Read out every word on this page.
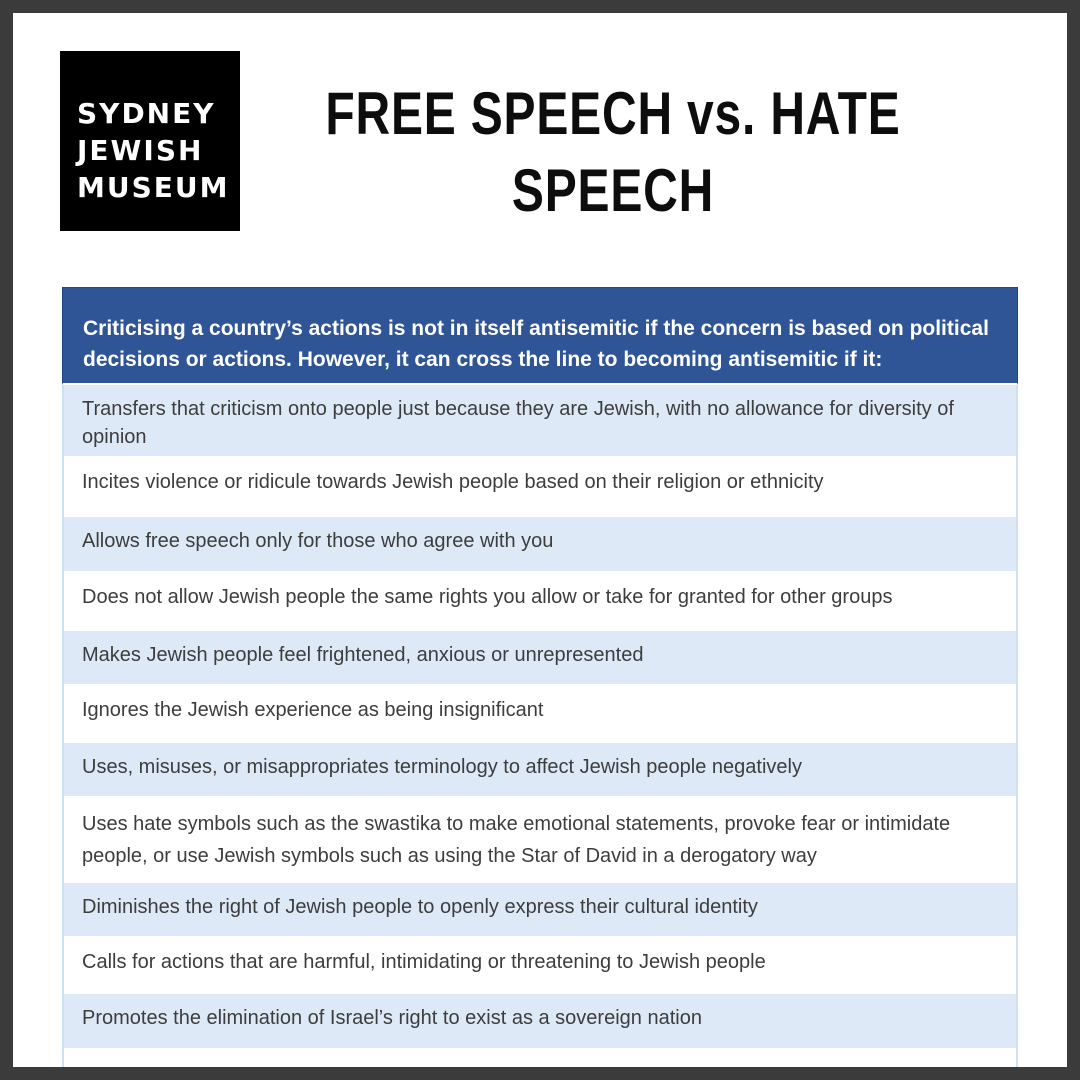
SYDNEY
JEWISH
MUSEUM
FREE SPEECH vs. HATE SPEECH
Criticising a country’s actions is not in itself antisemitic if the concern is based on political decisions or actions. However, it can cross the line to becoming antisemitic if it:
Transfers that criticism onto people just because they are Jewish, with no allowance for diversity of opinion
Incites violence or ridicule towards Jewish people based on their religion or ethnicity
Allows free speech only for those who agree with you
Does not allow Jewish people the same rights you allow or take for granted for other groups
Makes Jewish people feel frightened, anxious or unrepresented
Ignores the Jewish experience as being insignificant
Uses, misuses, or misappropriates terminology to affect Jewish people negatively
Uses hate symbols such as the swastika to make emotional statements, provoke fear or intimidate people, or use Jewish symbols such as using the Star of David in a derogatory way
Diminishes the right of Jewish people to openly express their cultural identity
Calls for actions that are harmful, intimidating or threatening to Jewish people
Promotes the elimination of Israel’s right to exist as a sovereign nation
